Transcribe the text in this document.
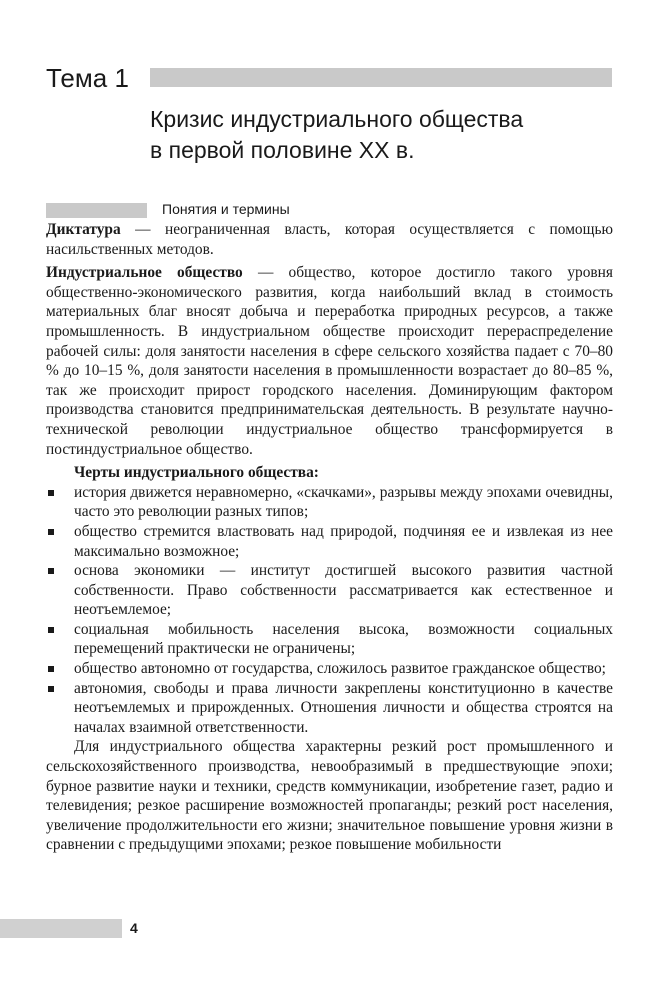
Тема 1
Кризис индустриального общества
в первой половине XX в.
Понятия и термины

Диктатура — неограниченная власть, которая осуществляется с помощью насильственных методов.

Индустриальное общество — общество, которое достигло такого уровня общественно-экономического развития, когда наибольший вклад в стоимость материальных благ вносят добыча и переработка природных ресурсов, а также промышленность. В индустриальном обществе происходит перераспределение рабочей силы: доля занятости населения в сфере сельского хозяйства падает с 70–80 % до 10–15 %, доля занятости населения в промышленности возрастает до 80–85 %, так же происходит прирост городского населения. Доминирующим фактором производства становится предпринимательская деятельность. В результате научно-технической революции индустриальное общество трансформируется в постиндустриальное общество.

Черты индустриального общества:

история движется неравномерно, «скачками», разрывы между эпохами очевидны, часто это революции разных типов;
общество стремится властвовать над природой, подчиняя ее и извлекая из нее максимально возможное;
основа экономики — институт достигшей высокого развития частной собственности. Право собственности рассматривается как естественное и неотъемлемое;
социальная мобильность населения высока, возможности социальных перемещений практически не ограничены;
общество автономно от государства, сложилось развитое гражданское общество;
автономия, свободы и права личности закреплены конституционно в качестве неотъемлемых и прирожденных. Отношения личности и общества строятся на началах взаимной ответственности.

Для индустриального общества характерны резкий рост промышленного и сельскохозяйственного производства, невообразимый в предшествующие эпохи; бурное развитие науки и техники, средств коммуникации, изобретение газет, радио и телевидения; резкое расширение возможностей пропаганды; резкий рост населения, увеличение продолжительности его жизни; значительное повышение уровня жизни в сравнении с предыдущими эпохами; резкое повышение мобильности

4
